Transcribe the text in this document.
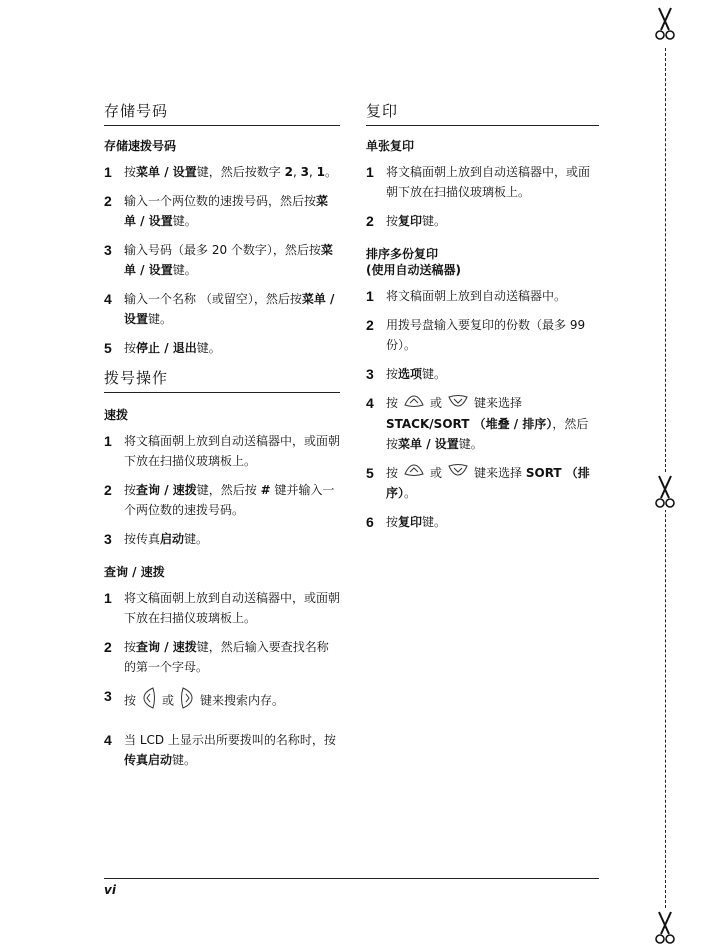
存储号码
存储速拨号码
1	按菜单 / 设置键，然后按数字 2, 3, 1。
2	输入一个两位数的速拨号码，然后按菜单 / 设置键。
3	输入号码（最多 20 个数字），然后按菜单 / 设置键。
4	输入一个名称 （或留空），然后按菜单 / 设置键。
5	按停止 / 退出键。
拨号操作
速拨
1	将文稿面朝上放到自动送稿器中，或面朝下放在扫描仪玻璃板上。
2	按查询 / 速拨键，然后按 # 键并输入一个两位数的速拨号码。
3	按传真启动键。
查询 / 速拨
1	将文稿面朝上放到自动送稿器中，或面朝下放在扫描仪玻璃板上。
2	按查询 / 速拨键，然后输入要查找名称的第一个字母。
3	按 或 键来搜索内存。
4	当 LCD 上显示出所要拨叫的名称时，按传真启动键。
复印
单张复印
1	将文稿面朝上放到自动送稿器中，或面朝下放在扫描仪玻璃板上。
2	按复印键。
排序多份复印
(使用自动送稿器)
1	将文稿面朝上放到自动送稿器中。
2	用拨号盘输入要复印的份数（最多 99 份）。
3	按选项键。
4	按	或	键来选择
STACK/SORT （堆叠 / 排序），然后按菜单 / 设置键。
5	按	或	键来选择 SORT （排序）。
6	按复印键。
vi
